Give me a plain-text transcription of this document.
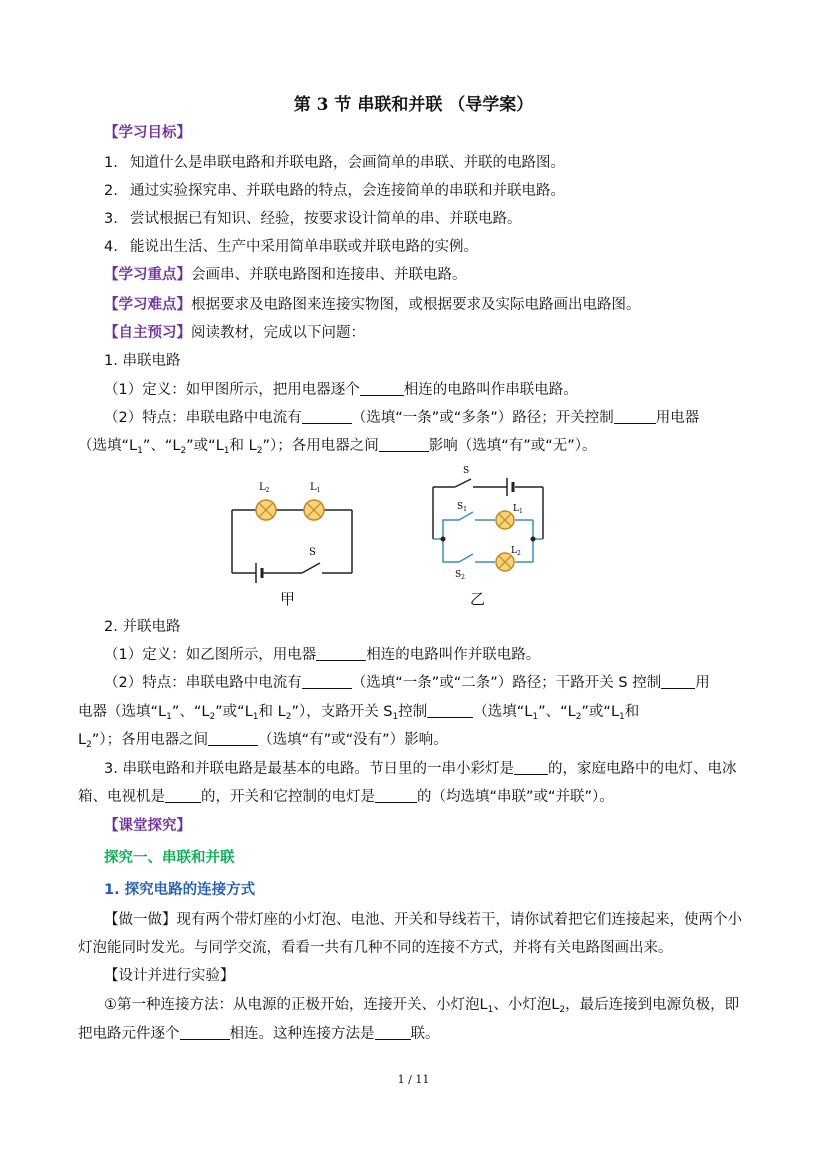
第 3 节 串联和并联 （导学案）
【学习目标】
1. 知道什么是串联电路和并联电路，会画简单的串联、并联的电路图。
2. 通过实验探究串、并联电路的特点，会连接简单的串联和并联电路。
3. 尝试根据已有知识、经验，按要求设计简单的串、并联电路。
4. 能说出生活、生产中采用简单串联或并联电路的实例。
【学习重点】会画串、并联电路图和连接串、并联电路。
【学习难点】根据要求及电路图来连接实物图，或根据要求及实际电路画出电路图。
【自主预习】阅读教材，完成以下问题：
1. 串联电路
（1）定义：如甲图所示，把用电器逐个	相连的电路叫作串联电路。
（2）特点：串联电路中电流有	（选填“一条”或“多条”）路径；开关控制	用电器
（选填“$L_1$”、“$L_2$”或“$L_1$和 $L_2$”）；各用电器之间	影响（选填“有”或“无”）。
$L_2$	$L_1$
S
甲
S
$S_1$	$L_1$
$L_2$
$S_2$
乙
2. 并联电路
（1）定义：如乙图所示，用电器	相连的电路叫作并联电路。
（2）特点：串联电路中电流有	（选填“一条”或“二条”）路径；干路开关 S 控制 用
电器（选填“$L_1$”、“$L_2$”或“$L_1$和 $L_2$”），支路开关 $S_1$控制	（选填“$L_1$”、“$L_2$”或“$L_1$和
$L_2$”）；各用电器之间	（选填“有”或“没有”）影响。
3. 串联电路和并联电路是最基本的电路。节日里的一串小彩灯是 的，家庭电路中的电灯、电冰
箱、电视机是 的，开关和它控制的电灯是	的（均选填“串联”或“并联”）。
【课堂探究】
探究一、串联和并联
1. 探究电路的连接方式
【做一做】现有两个带灯座的小灯泡、电池、开关和导线若干，请你试着把它们连接起来，使两个小
灯泡能同时发光。与同学交流，看看一共有几种不同的连接不方式，并将有关电路图画出来。
【设计并进行实验】
①第一种连接方法：从电源的正极开始，连接开关、小灯泡$L_1$、小灯泡$L_2$，最后连接到电源负极，即
把电路元件逐个	相连。这种连接方法是 联。
1 / 11
